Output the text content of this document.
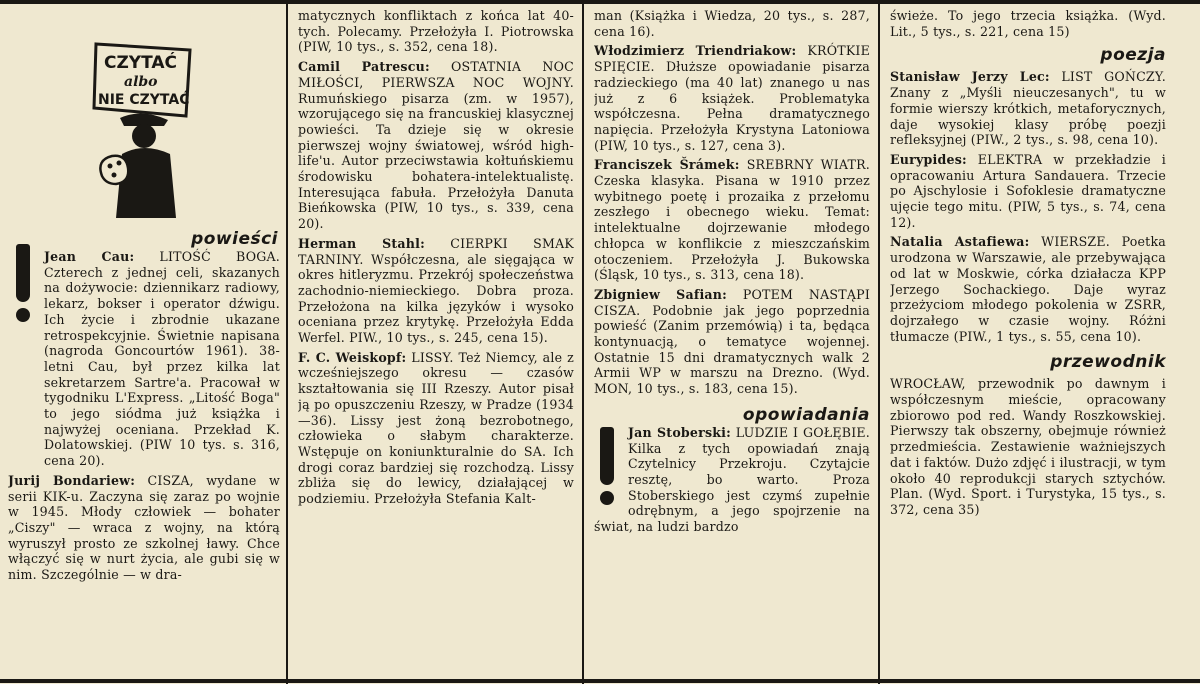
CZYTAĆ
albo
NIE CZYTAĆ

powieści

Jean Cau: LITOŚĆ BOGA. Czterech z jednej celi, skazanych na dożywocie: dziennikarz radiowy, lekarz, bokser i operator dźwigu. Ich życie i zbrodnie ukazane retrospekcyjnie. Świetnie napisana (nagroda Goncourtów 1961). 38-letni Cau, był przez kilka lat sekretarzem Sartre'a. Pracował w tygodniku L'Express. „Litość Boga" to jego siódma już książka i najwyżej oceniana. Przekład K. Dolatowskiej. (PIW 10 tys. s. 316, cena 20).

Jurij Bondariew: CISZA, wydane w serii KIK-u. Zaczyna się zaraz po wojnie w 1945. Młody człowiek — bohater „Ciszy" — wraca z wojny, na którą wyruszył prosto ze szkolnej ławy. Chce włączyć się w nurt życia, ale gubi się w nim. Szczególnie — w dra-

matycznych konfliktach z końca lat 40-tych. Polecamy. Przełożyła I. Piotrowska (PIW, 10 tys., s. 352, cena 18).

Camil Patrescu: OSTATNIA NOC MIŁOŚCI, PIERWSZA NOC WOJNY. Rumuńskiego pisarza (zm. w 1957), wzorującego się na francuskiej klasycznej powieści. Ta dzieje się w okresie pierwszej wojny światowej, wśród high-life'u. Autor przeciwstawia kołtuńskiemu środowisku bohatera-intelektualistę. Interesująca fabuła. Przełożyła Danuta Bieńkowska (PIW, 10 tys., s. 339, cena 20).

Herman Stahl: CIERPKI SMAK TARNINY. Współczesna, ale sięgająca w okres hitleryzmu. Przekrój społeczeństwa zachodnio-niemieckiego. Dobra proza. Przełożona na kilka języków i wysoko oceniana przez krytykę. Przełożyła Edda Werfel. PIW., 10 tys., s. 245, cena 15).

F. C. Weiskopf: LISSY. Też Niemcy, ale z wcześniejszego okresu — czasów kształtowania się III Rzeszy. Autor pisał ją po opuszczeniu Rzeszy, w Pradze (1934—36). Lissy jest żoną bezrobotnego, człowieka o słabym charakterze. Wstępuje on koniunkturalnie do SA. Ich drogi coraz bardziej się rozchodzą. Lissy zbliża się do lewicy, działającej w podziemiu. Przełożyła Stefania Kalt-

man (Książka i Wiedza, 20 tys., s. 287, cena 16).

Włodzimierz Triendriakow: KRÓTKIE SPIĘCIE. Dłuższe opowiadanie pisarza radzieckiego (ma 40 lat) znanego u nas już z 6 książek. Problematyka współczesna. Pełna dramatycznego napięcia. Przełożyła Krystyna Latoniowa (PIW, 10 tys., s. 127, cena 3).

Franciszek Šrámek: SREBRNY WIATR. Czeska klasyka. Pisana w 1910 przez wybitnego poetę i prozaika z przełomu zeszłego i obecnego wieku. Temat: intelektualne dojrzewanie młodego chłopca w konflikcie z mieszczańskim otoczeniem. Przełożyła J. Bukowska (Śląsk, 10 tys., s. 313, cena 18).

Zbigniew Safian: POTEM NASTĄPI CISZA. Podobnie jak jego poprzednia powieść (Zanim przemówią) i ta, będąca kontynuacją, o tematyce wojennej. Ostatnie 15 dni dramatycznych walk 2 Armii WP w marszu na Drezno. (Wyd. MON, 10 tys., s. 183, cena 15).

opowiadania

Jan Stoberski: LUDZIE I GOŁĘBIE. Kilka z tych opowiadań znają Czytelnicy Przekroju. Czytajcie resztę, bo warto. Proza Stoberskiego jest czymś zupełnie odrębnym, a jego spojrzenie na świat, na ludzi bardzo

świeże. To jego trzecia książka. (Wyd. Lit., 5 tys., s. 221, cena 15)

poezja

Stanisław Jerzy Lec: LIST GOŃCZY. Znany z „Myśli nieuczesanych", tu w formie wierszy krótkich, metaforycznych, daje wysokiej klasy próbę poezji refleksyjnej (PIW., 2 tys., s. 98, cena 10).

Eurypides: ELEKTRA w przekładzie i opracowaniu Artura Sandauera. Trzecie po Ajschylosie i Sofoklesie dramatyczne ujęcie tego mitu. (PIW, 5 tys., s. 74, cena 12).

Natalia Astafiewa: WIERSZE. Poetka urodzona w Warszawie, ale przebywająca od lat w Moskwie, córka działacza KPP Jerzego Sochackiego. Daje wyraz przeżyciom młodego pokolenia w ZSRR, dojrzałego w czasie wojny. Różni tłumacze (PIW., 1 tys., s. 55, cena 10).

przewodnik

WROCŁAW, przewodnik po dawnym i współczesnym mieście, opracowany zbiorowo pod red. Wandy Roszkowskiej. Pierwszy tak obszerny, obejmuje również przedmieścia. Zestawienie ważniejszych dat i faktów. Dużo zdjęć i ilustracji, w tym około 40 reprodukcji starych sztychów. Plan. (Wyd. Sport. i Turystyka, 15 tys., s. 372, cena 35)
